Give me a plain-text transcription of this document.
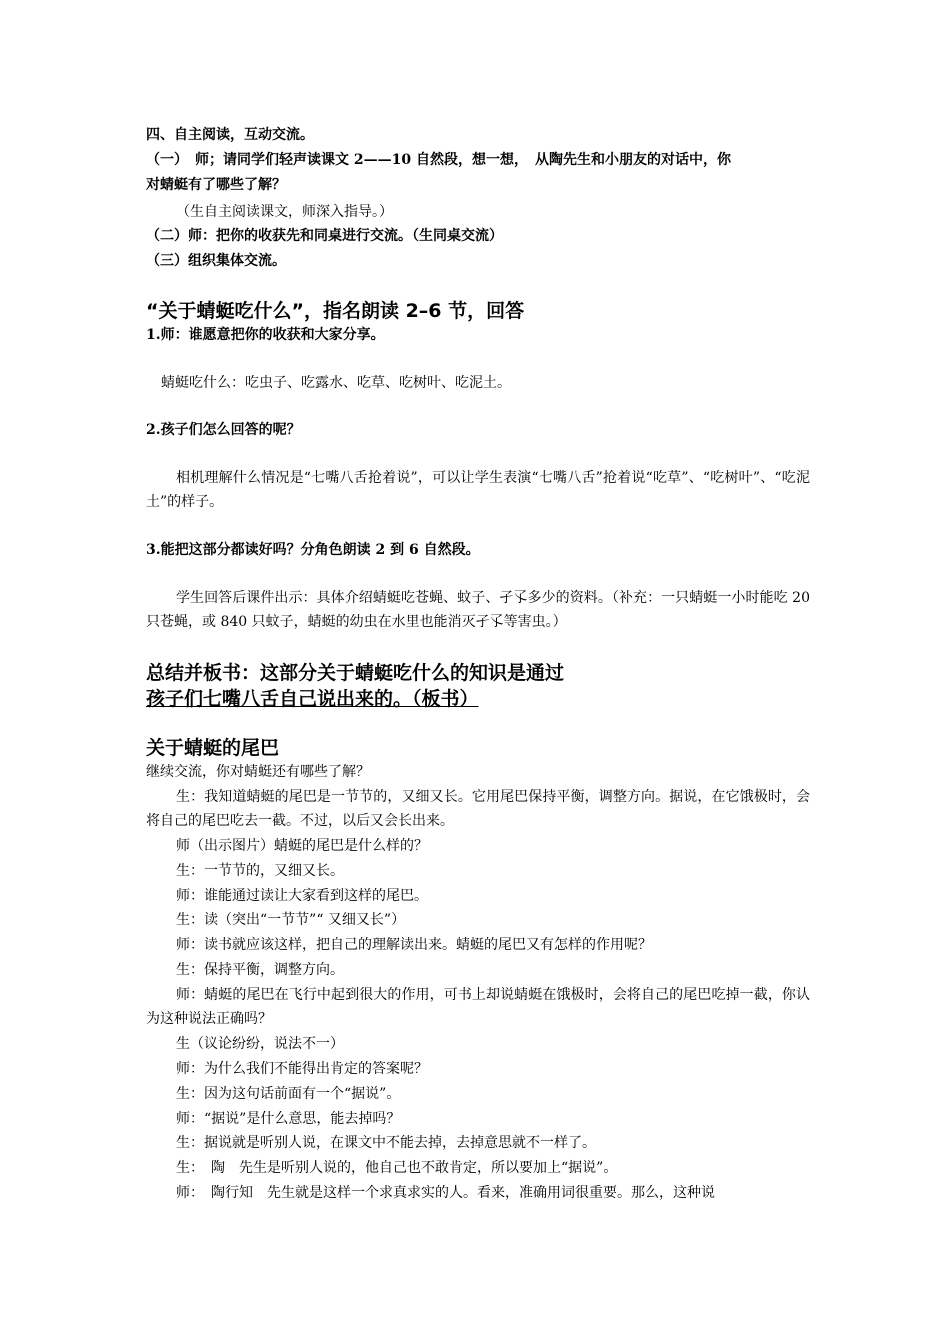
四、自主阅读，互动交流。
（一）　师；请同学们轻声读课文 2——10 自然段，想一想，　从陶先生和小朋友的对话中，你
对蜻蜓有了哪些了解？
（生自主阅读课文，师深入指导。）
（二）师：把你的收获先和同桌进行交流。（生同桌交流）
（三）组织集体交流。
“关于蜻蜓吃什么”，指名朗读 2–6 节，回答
1.师：谁愿意把你的收获和大家分享。
蜻蜓吃什么：吃虫子、吃露水、吃草、吃树叶、吃泥土。
2.孩子们怎么回答的呢？
相机理解什么情况是“七嘴八舌抢着说”，可以让学生表演“七嘴八舌”抢着说“吃草”、“吃树叶”、“吃泥土”的样子。
3.能把这部分都读好吗？分角色朗读 2 到 6 自然段。
学生回答后课件出示：具体介绍蜻蜓吃苍蝇、蚊子、孑孓多少的资料。（补充：一只蜻蜓一小时能吃 20 只苍蝇，或 840 只蚊子，蜻蜓的幼虫在水里也能消灭孑孓等害虫。）
总结并板书：这部分关于蜻蜓吃什么的知识是通过
孩子们七嘴八舌自己说出来的。（板书）
关于蜻蜓的尾巴
继续交流，你对蜻蜓还有哪些了解？
生：我知道蜻蜓的尾巴是一节节的，又细又长。它用尾巴保持平衡，调整方向。据说，在它饿极时，会将自己的尾巴吃去一截。不过，以后又会长出来。
师（出示图片）蜻蜓的尾巴是什么样的？
生：一节节的，又细又长。
师：谁能通过读让大家看到这样的尾巴。
生：读（突出“一节节”“ 又细又长”）
师：读书就应该这样，把自己的理解读出来。蜻蜓的尾巴又有怎样的作用呢？
生：保持平衡，调整方向。
师：蜻蜓的尾巴在飞行中起到很大的作用，可书上却说蜻蜓在饿极时，会将自己的尾巴吃掉一截，你认为这种说法正确吗？
生（议论纷纷，说法不一）
师：为什么我们不能得出肯定的答案呢？
生：因为这句话前面有一个“据说”。
师：“据说”是什么意思，能去掉吗？
生：据说就是听别人说，在课文中不能去掉，去掉意思就不一样了。
生：　陶　先生是听别人说的，他自己也不敢肯定，所以要加上“据说”。
师：　陶行知　先生就是这样一个求真求实的人。看来，准确用词很重要。那么，这种说
